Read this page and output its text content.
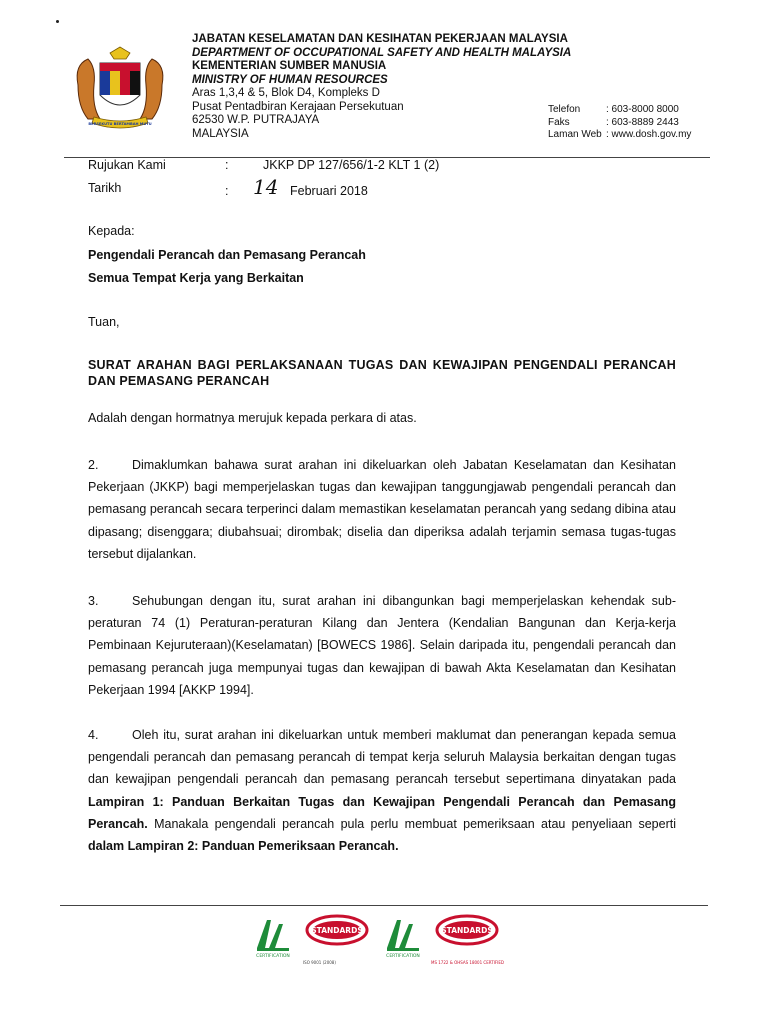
BERSEKUTU BERTAMBAH MUTU
JABATAN KESELAMATAN DAN KESIHATAN PEKERJAAN MALAYSIA
DEPARTMENT OF OCCUPATIONAL SAFETY AND HEALTH MALAYSIA
KEMENTERIAN SUMBER MANUSIA
MINISTRY OF HUMAN RESOURCES
Aras 1,3,4 & 5, Blok D4, Kompleks D
Pusat Pentadbiran Kerajaan Persekutuan
62530 W.P. PUTRAJAYA
MALAYSIA
Telefon	: 603-8000 8000
Faks	: 603-8889 2443
Laman Web : www.dosh.gov.my
Rujukan Kami	:	JKKP DP 127/656/1-2 KLT 1 (2)
Tarikh	: 14 Februari 2018
Kepada:
Pengendali Perancah dan Pemasang Perancah
Semua Tempat Kerja yang Berkaitan
Tuan,
SURAT ARAHAN BAGI PERLAKSANAAN TUGAS DAN KEWAJIPAN PENGENDALI PERANCAH DAN PEMASANG PERANCAH
Adalah dengan hormatnya merujuk kepada perkara di atas.
2.	Dimaklumkan bahawa surat arahan ini dikeluarkan oleh Jabatan Keselamatan dan Kesihatan Pekerjaan (JKKP) bagi memperjelaskan tugas dan kewajipan tanggungjawab pengendali perancah dan pemasang perancah secara terperinci dalam memastikan keselamatan perancah yang sedang dibina atau dipasang; disenggara; diubahsuai; dirombak; diselia dan diperiksa adalah terjamin semasa tugas-tugas tersebut dijalankan.
3.	Sehubungan dengan itu, surat arahan ini dibangunkan bagi memperjelaskan kehendak sub-peraturan 74 (1) Peraturan-peraturan Kilang dan Jentera (Kendalian Bangunan dan Kerja-kerja Pembinaan Kejuruteraan)(Keselamatan) [BOWECS 1986]. Selain daripada itu, pengendali perancah dan pemasang perancah juga mempunyai tugas dan kewajipan di bawah Akta Keselamatan dan Kesihatan Pekerjaan 1994 [AKKP 1994].
4.	Oleh itu, surat arahan ini dikeluarkan untuk memberi maklumat dan penerangan kepada semua pengendali perancah dan pemasang perancah di tempat kerja seluruh Malaysia berkaitan dengan tugas dan kewajipan pengendali perancah dan pemasang perancah tersebut sepertimana dinyatakan pada Lampiran 1: Panduan Berkaitan Tugas dan Kewajipan Pengendali Perancah dan Pemasang Perancah. Manakala pengendali perancah pula perlu membuat pemeriksaan atau penyeliaan seperti dalam Lampiran 2: Panduan Pemeriksaan Perancah.
CERTIFICATION
STANDARDS
ISO 9001 (2008)
CERTIFICATION
STANDARDS
MS 1722 & OHSAS 18001 CERTIFIED
